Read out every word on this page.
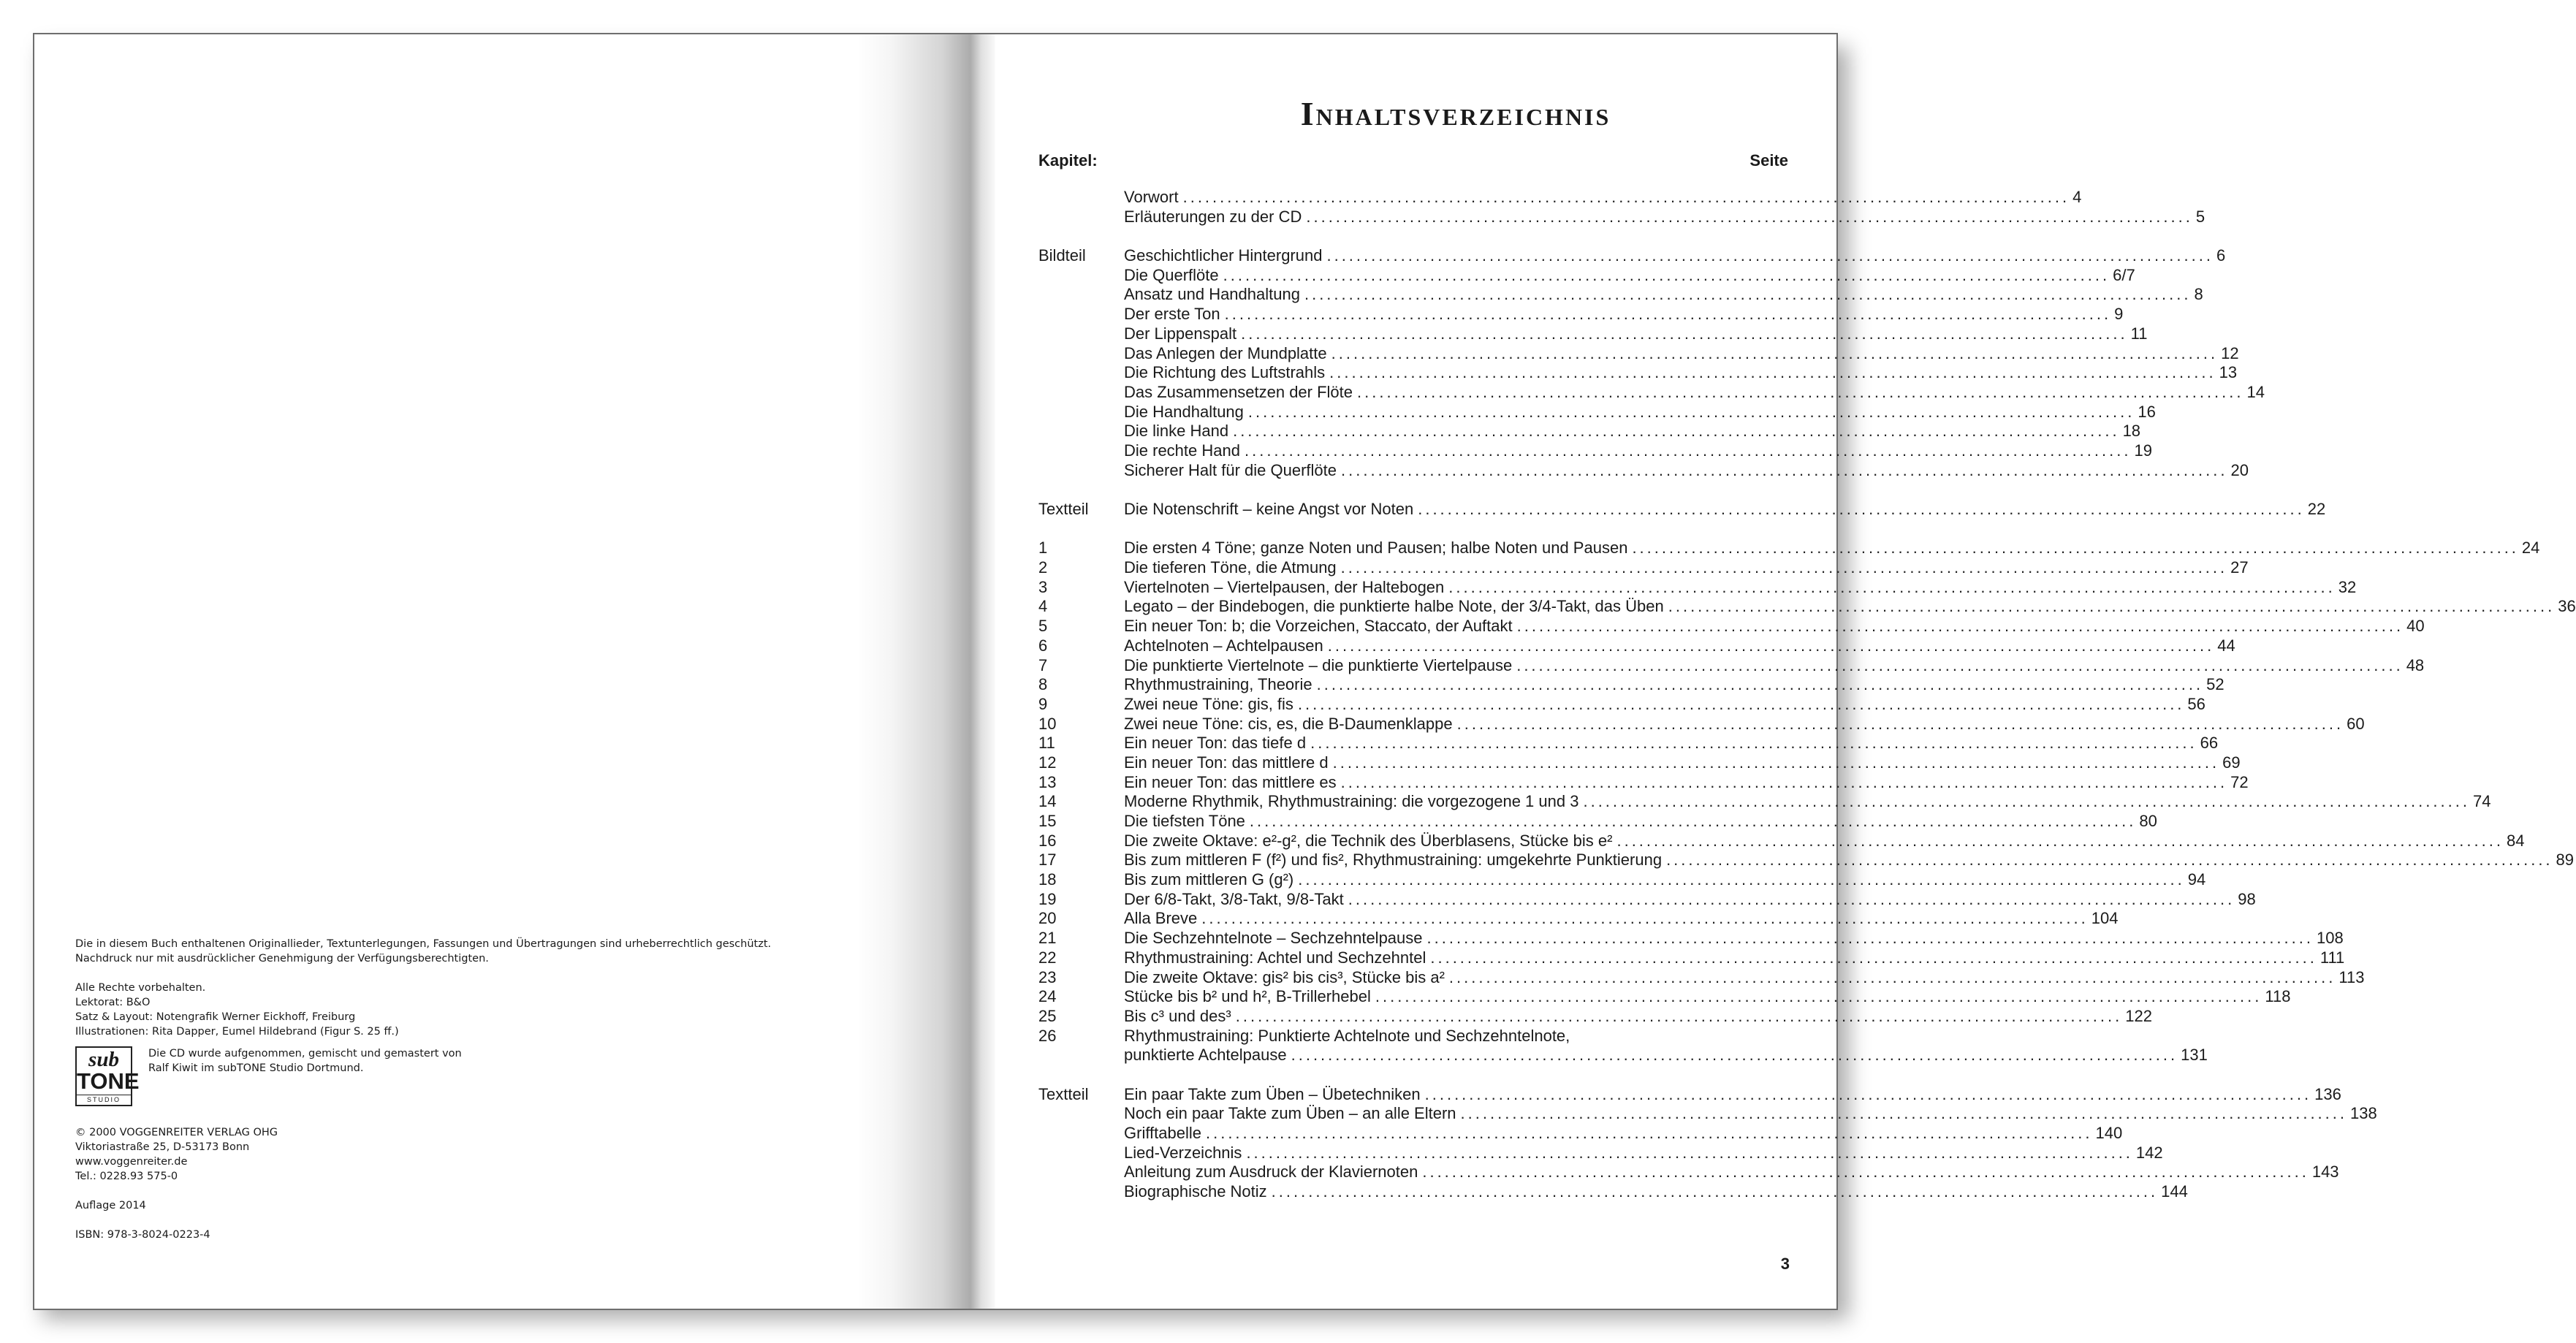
Die in diesem Buch enthaltenen Originallieder, Textunterlegungen, Fassungen und Übertragungen sind urheberrechtlich geschützt.

Nachdruck nur mit ausdrücklicher Genehmigung der Verfügungsberechtigten.

Alle Rechte vorbehalten.

Lektorat: B&O

Satz & Layout: Notengrafik Werner Eickhoff, Freiburg

Illustrationen: Rita Dapper, Eumel Hildebrand (Figur S. 25 ff.)

sub
TONE
STUDIO

Die CD wurde aufgenommen, gemischt und gemastert von

Ralf Kiwit im subTONE Studio Dortmund.

© 2000 VOGGENREITER VERLAG OHG

Viktoriastraße 25, D-53173 Bonn

www.voggenreiter.de

Tel.: 0228.93 575-0

Auflage 2014

ISBN: 978-3-8024-0223-4

Inhaltsverzeichnis
Kapitel:	Seite
Vorwort ........................................................................................................................ 4
Erläuterungen zu der CD ........................................................................................................................ 5
Bildteil	Geschichtlicher Hintergrund ........................................................................................................................ 6
Die Querflöte ........................................................................................................................ 6/7
Ansatz und Handhaltung ........................................................................................................................ 8
Der erste Ton ........................................................................................................................ 9
Der Lippenspalt ........................................................................................................................ 11
Das Anlegen der Mundplatte ........................................................................................................................ 12
Die Richtung des Luftstrahls ........................................................................................................................ 13
Das Zusammensetzen der Flöte ........................................................................................................................ 14
Die Handhaltung ........................................................................................................................ 16
Die linke Hand ........................................................................................................................ 18
Die rechte Hand ........................................................................................................................ 19
Sicherer Halt für die Querflöte ........................................................................................................................ 20
Textteil	Die Notenschrift – keine Angst vor Noten ........................................................................................................................ 22
1	Die ersten 4 Töne; ganze Noten und Pausen; halbe Noten und Pausen ........................................................................................................................ 24
2	Die tieferen Töne, die Atmung ........................................................................................................................ 27
3	Viertelnoten – Viertelpausen, der Haltebogen ........................................................................................................................ 32
4	Legato – der Bindebogen, die punktierte halbe Note, der 3/4-Takt, das Üben ........................................................................................................................ 36
5	Ein neuer Ton: b; die Vorzeichen, Staccato, der Auftakt ........................................................................................................................ 40
6	Achtelnoten – Achtelpausen ........................................................................................................................ 44
7	Die punktierte Viertelnote – die punktierte Viertelpause ........................................................................................................................ 48
8	Rhythmustraining, Theorie ........................................................................................................................ 52
9	Zwei neue Töne: gis, fis ........................................................................................................................ 56
10	Zwei neue Töne: cis, es, die B-Daumenklappe ........................................................................................................................ 60
11	Ein neuer Ton: das tiefe d ........................................................................................................................ 66
12	Ein neuer Ton: das mittlere d ........................................................................................................................ 69
13	Ein neuer Ton: das mittlere es ........................................................................................................................ 72
14	Moderne Rhythmik, Rhythmustraining: die vorgezogene 1 und 3 ........................................................................................................................ 74
15	Die tiefsten Töne ........................................................................................................................ 80
16	Die zweite Oktave: e²-g², die Technik des Überblasens, Stücke bis e² ........................................................................................................................ 84
17	Bis zum mittleren F (f²) und fis², Rhythmustraining: umgekehrte Punktierung ........................................................................................................................ 89
18	Bis zum mittleren G (g²) ........................................................................................................................ 94
19	Der 6/8-Takt, 3/8-Takt, 9/8-Takt ........................................................................................................................ 98
20	Alla Breve ........................................................................................................................ 104
21	Die Sechzehntelnote – Sechzehntelpause ........................................................................................................................ 108
22	Rhythmustraining: Achtel und Sechzehntel ........................................................................................................................ 111
23	Die zweite Oktave: gis² bis cis³, Stücke bis a² ........................................................................................................................ 113
24	Stücke bis b² und h², B-Trillerhebel ........................................................................................................................ 118
25	Bis c³ und des³ ........................................................................................................................ 122
26	Rhythmustraining: Punktierte Achtelnote und Sechzehntelnote,
punktierte Achtelpause ........................................................................................................................ 131
Textteil	Ein paar Takte zum Üben – Übetechniken ........................................................................................................................ 136
Noch ein paar Takte zum Üben – an alle Eltern ........................................................................................................................ 138
Grifftabelle ........................................................................................................................ 140
Lied-Verzeichnis ........................................................................................................................ 142
Anleitung zum Ausdruck der Klaviernoten ........................................................................................................................ 143
Biographische Notiz ........................................................................................................................ 144
3
